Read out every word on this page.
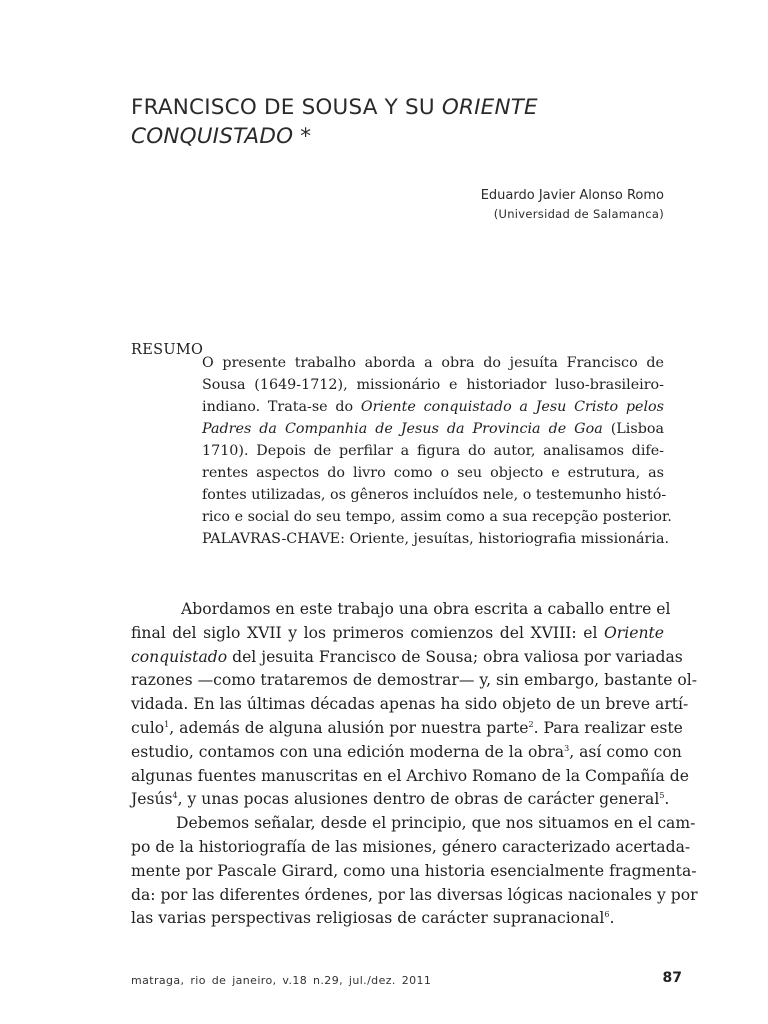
FRANCISCO DE SOUSA Y SU ORIENTE
CONQUISTADO *
Eduardo Javier Alonso Romo
(Universidad de Salamanca)
RESUMO
O presente trabalho aborda a obra do jesuíta Francisco de
Sousa (1649-1712), missionário e historiador luso-brasileiro-
indiano. Trata-se do Oriente conquistado a Jesu Cristo pelos
Padres da Companhia de Jesus da Provincia de Goa (Lisboa
1710). Depois de perfilar a figura do autor, analisamos dife-
rentes aspectos do livro como o seu objecto e estrutura, as
fontes utilizadas, os gêneros incluídos nele, o testemunho histó-
rico e social do seu tempo, assim como a sua recepção posterior.
PALAVRAS-CHAVE: Oriente, jesuítas, historiografia missionária.
Abordamos en este trabajo una obra escrita a caballo entre el
final del siglo XVII y los primeros comienzos del XVIII: el Oriente
conquistado del jesuita Francisco de Sousa; obra valiosa por variadas
razones —como trataremos de demostrar— y, sin embargo, bastante ol-
vidada. En las últimas décadas apenas ha sido objeto de un breve artí-
culo$^1$, además de alguna alusión por nuestra parte$^2$. Para realizar este
estudio, contamos con una edición moderna de la obra$^3$, así como con
algunas fuentes manuscritas en el Archivo Romano de la Compañía de
Jesús$^4$, y unas pocas alusiones dentro de obras de carácter general$^5$.
Debemos señalar, desde el principio, que nos situamos en el cam-
po de la historiografía de las misiones, género caracterizado acertada-
mente por Pascale Girard, como una historia esencialmente fragmenta-
da: por las diferentes órdenes, por las diversas lógicas nacionales y por
las varias perspectivas religiosas de carácter supranacional$^6$.
matraga, rio de janeiro, v.18 n.29, jul./dez. 2011	87
